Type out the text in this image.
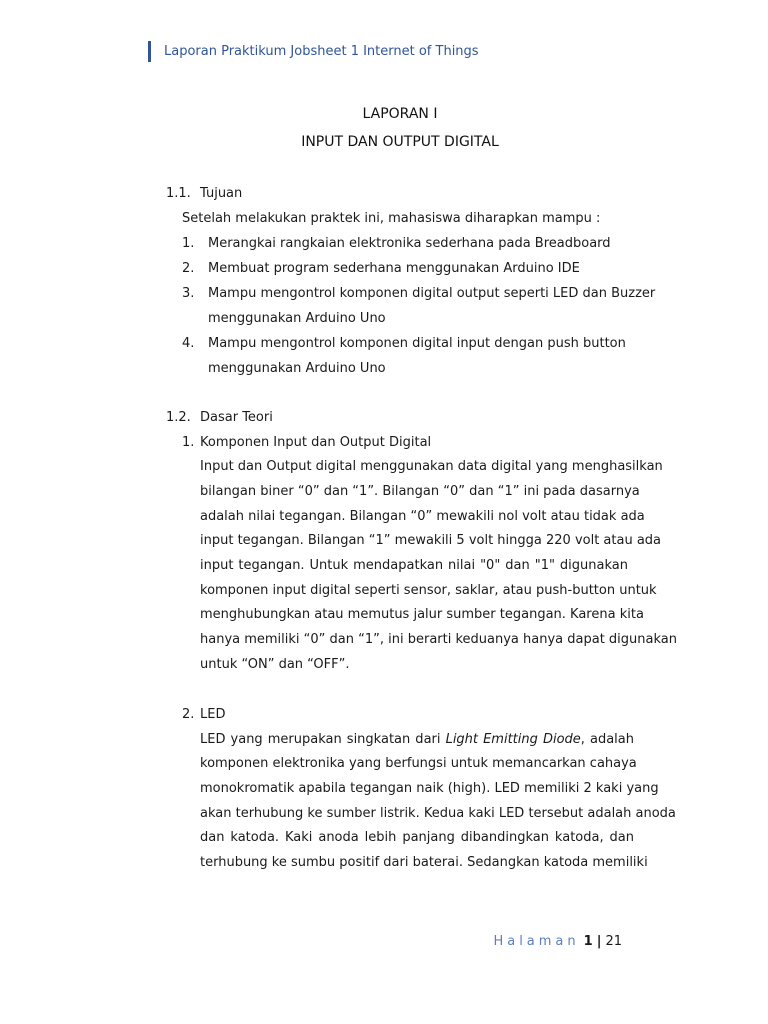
Laporan Praktikum Jobsheet 1 Internet of Things
LAPORAN I
INPUT DAN OUTPUT DIGITAL
1.1. Tujuan
Setelah melakukan praktek ini, mahasiswa diharapkan mampu :
1. Merangkai rangkaian elektronika sederhana pada Breadboard
2. Membuat program sederhana menggunakan Arduino IDE
3. Mampu mengontrol komponen digital output seperti LED dan Buzzer
menggunakan Arduino Uno
4. Mampu mengontrol komponen digital input dengan push button
menggunakan Arduino Uno
1.2. Dasar Teori
1. Komponen Input dan Output Digital
Input dan Output digital menggunakan data digital yang menghasilkan
bilangan biner “0” dan “1”. Bilangan “0” dan “1” ini pada dasarnya
adalah nilai tegangan. Bilangan “0” mewakili nol volt atau tidak ada
input tegangan. Bilangan “1” mewakili 5 volt hingga 220 volt atau ada
input tegangan. Untuk mendapatkan nilai "0" dan "1" digunakan
komponen input digital seperti sensor, saklar, atau push-button untuk
menghubungkan atau memutus jalur sumber tegangan. Karena kita
hanya memiliki “0” dan “1”, ini berarti keduanya hanya dapat digunakan
untuk “ON” dan “OFF”.
2. LED
LED yang merupakan singkatan dari Light Emitting Diode, adalah
komponen elektronika yang berfungsi untuk memancarkan cahaya
monokromatik apabila tegangan naik (high). LED memiliki 2 kaki yang
akan terhubung ke sumber listrik. Kedua kaki LED tersebut adalah anoda
dan katoda. Kaki anoda lebih panjang dibandingkan katoda, dan
terhubung ke sumbu positif dari baterai. Sedangkan katoda memiliki
Halaman 1 | 21
